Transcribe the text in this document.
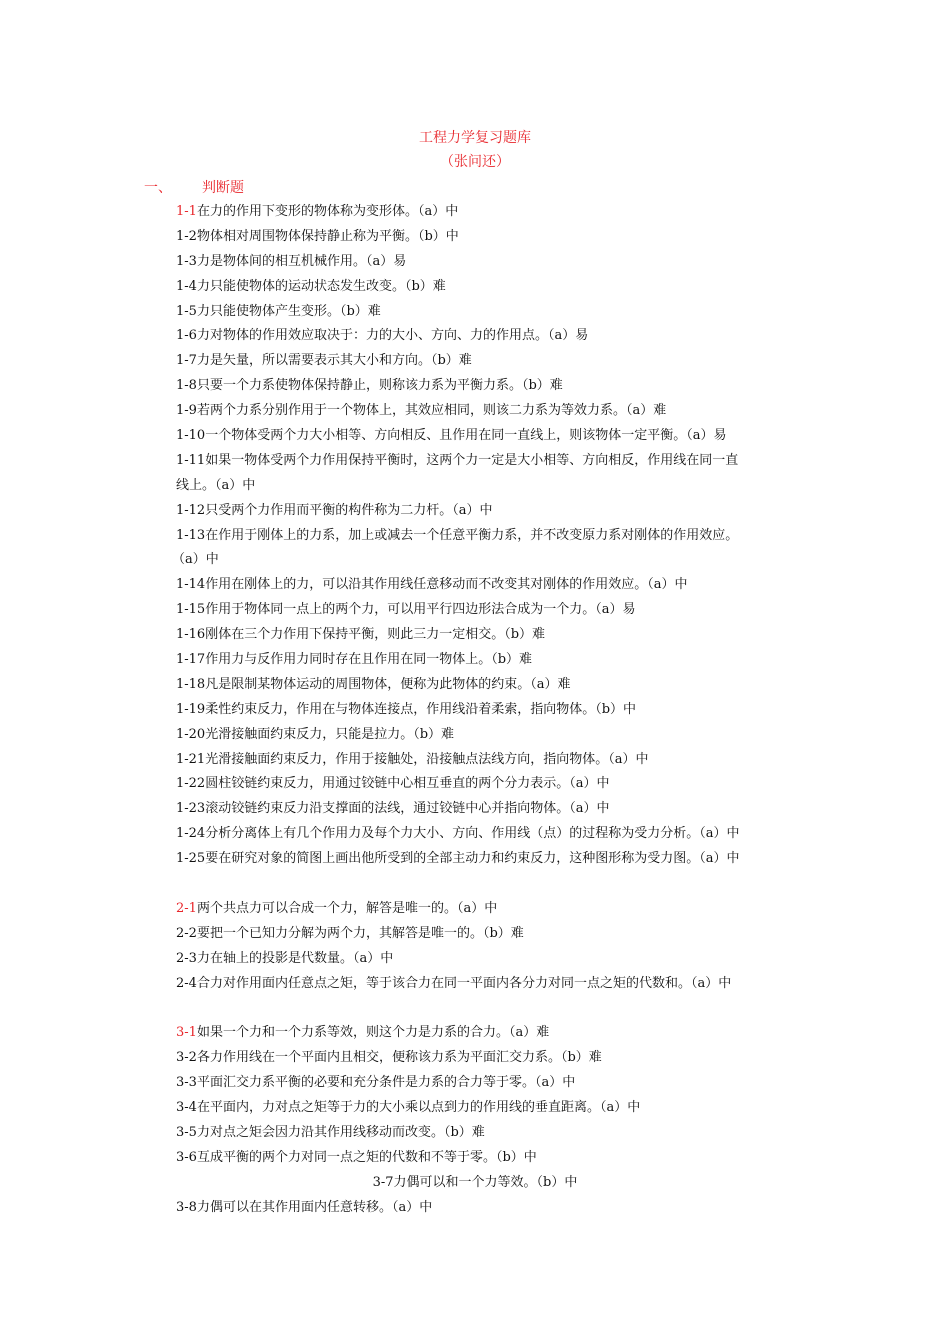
工程力学复习题库
（张问还）
一、 判断题
1-1在力的作用下变形的物体称为变形体。（a）中
1-2物体相对周围物体保持静止称为平衡。（b）中
1-3力是物体间的相互机械作用。（a）易
1-4力只能使物体的运动状态发生改变。（b）难
1-5力只能使物体产生变形。（b）难
1-6力对物体的作用效应取决于：力的大小、方向、力的作用点。（a）易
1-7力是矢量，所以需要表示其大小和方向。（b）难
1-8只要一个力系使物体保持静止，则称该力系为平衡力系。（b）难
1-9若两个力系分别作用于一个物体上，其效应相同，则该二力系为等效力系。（a）难
1-10一个物体受两个力大小相等、方向相反、且作用在同一直线上，则该物体一定平衡。（a）易
1-11如果一物体受两个力作用保持平衡时，这两个力一定是大小相等、方向相反，作用线在同一直
线上。（a）中
1-12只受两个力作用而平衡的构件称为二力杆。（a）中
1-13在作用于刚体上的力系，加上或减去一个任意平衡力系，并不改变原力系对刚体的作用效应。
（a）中
1-14作用在刚体上的力，可以沿其作用线任意移动而不改变其对刚体的作用效应。（a）中
1-15作用于物体同一点上的两个力，可以用平行四边形法合成为一个力。（a）易
1-16刚体在三个力作用下保持平衡，则此三力一定相交。（b）难
1-17作用力与反作用力同时存在且作用在同一物体上。（b）难
1-18凡是限制某物体运动的周围物体，便称为此物体的约束。（a）难
1-19柔性约束反力，作用在与物体连接点，作用线沿着柔索，指向物体。（b）中
1-20光滑接触面约束反力，只能是拉力。（b）难
1-21光滑接触面约束反力，作用于接触处，沿接触点法线方向，指向物体。（a）中
1-22圆柱铰链约束反力，用通过铰链中心相互垂直的两个分力表示。（a）中
1-23滚动铰链约束反力沿支撑面的法线，通过铰链中心并指向物体。（a）中
1-24分析分离体上有几个作用力及每个力大小、方向、作用线（点）的过程称为受力分析。（a）中
1-25要在研究对象的简图上画出他所受到的全部主动力和约束反力，这种图形称为受力图。（a）中
2-1两个共点力可以合成一个力，解答是唯一的。（a）中
2-2要把一个已知力分解为两个力，其解答是唯一的。（b）难
2-3力在轴上的投影是代数量。（a）中
2-4合力对作用面内任意点之矩，等于该合力在同一平面内各分力对同一点之矩的代数和。（a）中
3-1如果一个力和一个力系等效，则这个力是力系的合力。（a）难
3-2各力作用线在一个平面内且相交，便称该力系为平面汇交力系。（b）难
3-3平面汇交力系平衡的必要和充分条件是力系的合力等于零。（a）中
3-4在平面内，力对点之矩等于力的大小乘以点到力的作用线的垂直距离。（a）中
3-5力对点之矩会因力沿其作用线移动而改变。（b）难
3-6互成平衡的两个力对同一点之矩的代数和不等于零。（b）中
3-7力偶可以和一个力等效。（b）中
3-8力偶可以在其作用面内任意转移。（a）中
